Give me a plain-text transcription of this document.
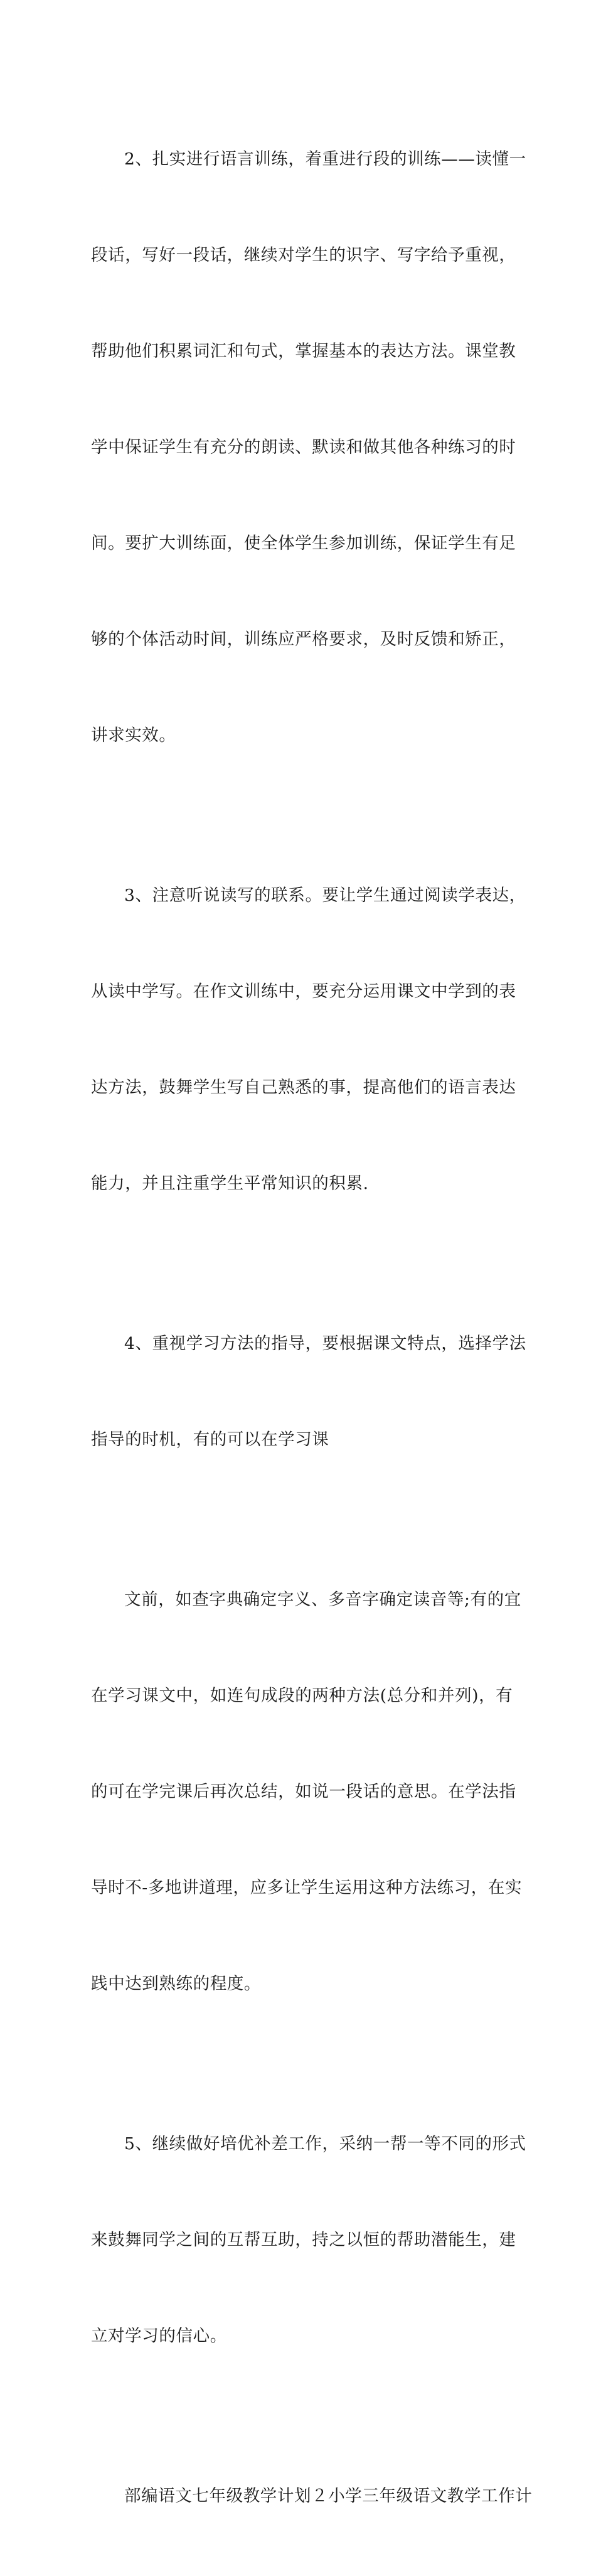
2、扎实进行语言训练，着重进行段的训练——读懂一

段话，写好一段话，继续对学生的识字、写字给予重视，

帮助他们积累词汇和句式，掌握基本的表达方法。课堂教

学中保证学生有充分的朗读、默读和做其他各种练习的时

间。要扩大训练面，使全体学生参加训练，保证学生有足

够的个体活动时间，训练应严格要求，及时反馈和矫正，

讲求实效。

3、注意听说读写的联系。要让学生通过阅读学表达，

从读中学写。在作文训练中，要充分运用课文中学到的表

达方法，鼓舞学生写自己熟悉的事，提高他们的语言表达

能力，并且注重学生平常知识的积累.

4、重视学习方法的指导，要根据课文特点，选择学法

指导的时机，有的可以在学习课

文前，如查字典确定字义、多音字确定读音等;有的宜

在学习课文中，如连句成段的两种方法(总分和并列)，有

的可在学完课后再次总结，如说一段话的意思。在学法指

导时不-多地讲道理，应多让学生运用这种方法练习，在实

践中达到熟练的程度。

5、继续做好培优补差工作，采纳一帮一等不同的形式

来鼓舞同学之间的互帮互助，持之以恒的帮助潜能生，建

立对学习的信心。

部编语文七年级教学计划２小学三年级语文教学工作计
